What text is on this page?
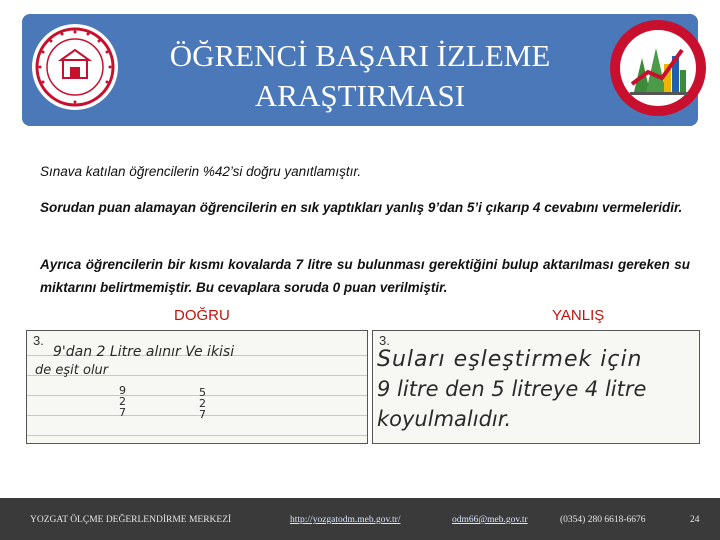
ÖĞRENCİ BAŞARI İZLEME
ARAŞTIRMASI
Sınava katılan öğrencilerin %42’si doğru yanıtlamıştır.
Sorudan puan alamayan öğrencilerin en sık yaptıkları yanlış 9’dan 5’i çıkarıp 4 cevabını vermeleridir.
Ayrıca öğrencilerin bir kısmı kovalarda 7 litre su bulunması gerektiğini bulup aktarılması gereken su miktarını belirtmemiştir. Bu cevaplara soruda 0 puan verilmiştir.
DOĞRU	YANLIŞ
3.
9'dan 2 Litre alınır Ve ikisi
de eşit olur
9
2
7
5
2
7
3.
Suları eşleştirmek için
9 litre den 5 litreye 4 litre
koyulmalıdır.
YOZGAT ÖLÇME DEĞERLENDİRME MERKEZİ	http://yozgatodm.meb.gov.tr/	odm66@meb.gov.tr	(0354) 280 6618-6676	24
